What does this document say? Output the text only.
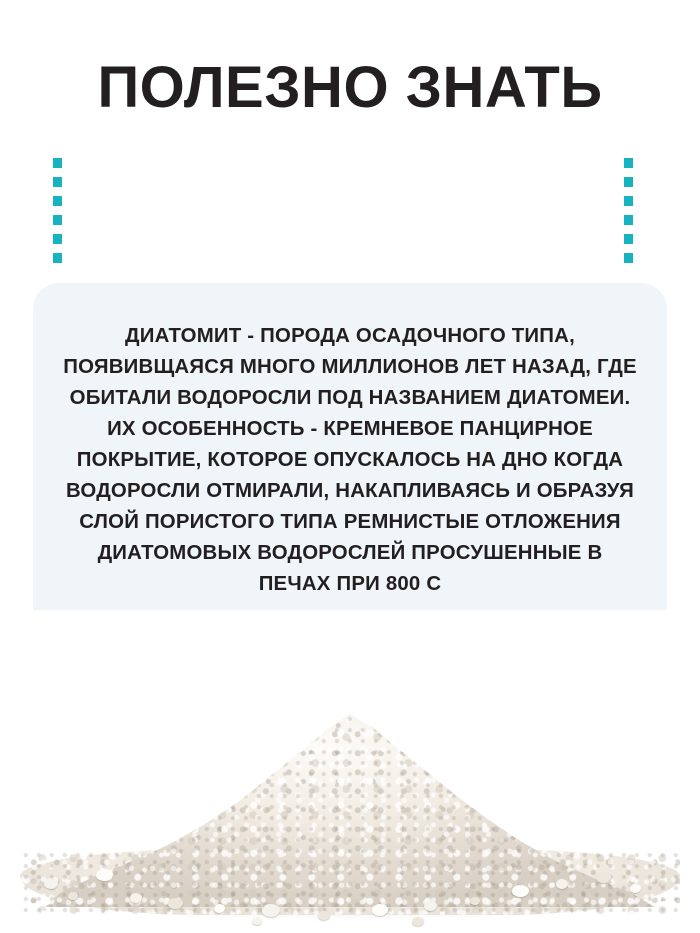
ПОЛЕЗНО ЗНАТЬ
ДИАТОМИТ - ПОРОДА ОСАДОЧНОГО ТИПА, ПОЯВИВЩАЯСЯ МНОГО МИЛЛИОНОВ ЛЕТ НАЗАД, ГДЕ ОБИТАЛИ ВОДОРОСЛИ ПОД НАЗВАНИЕМ ДИАТОМЕИ. ИХ ОСОБЕННОСТЬ - КРЕМНЕВОЕ ПАНЦИРНОЕ ПОКРЫТИЕ, КОТОРОЕ ОПУСКАЛОСЬ НА ДНО КОГДА ВОДОРОСЛИ ОТМИРАЛИ, НАКАПЛИВАЯСЬ И ОБРАЗУЯ СЛОЙ ПОРИСТОГО ТИПА РЕМНИСТЫЕ ОТЛОЖЕНИЯ ДИАТОМОВЫХ ВОДОРОСЛЕЙ ПРОСУШЕННЫЕ В ПЕЧАХ ПРИ 800 С
